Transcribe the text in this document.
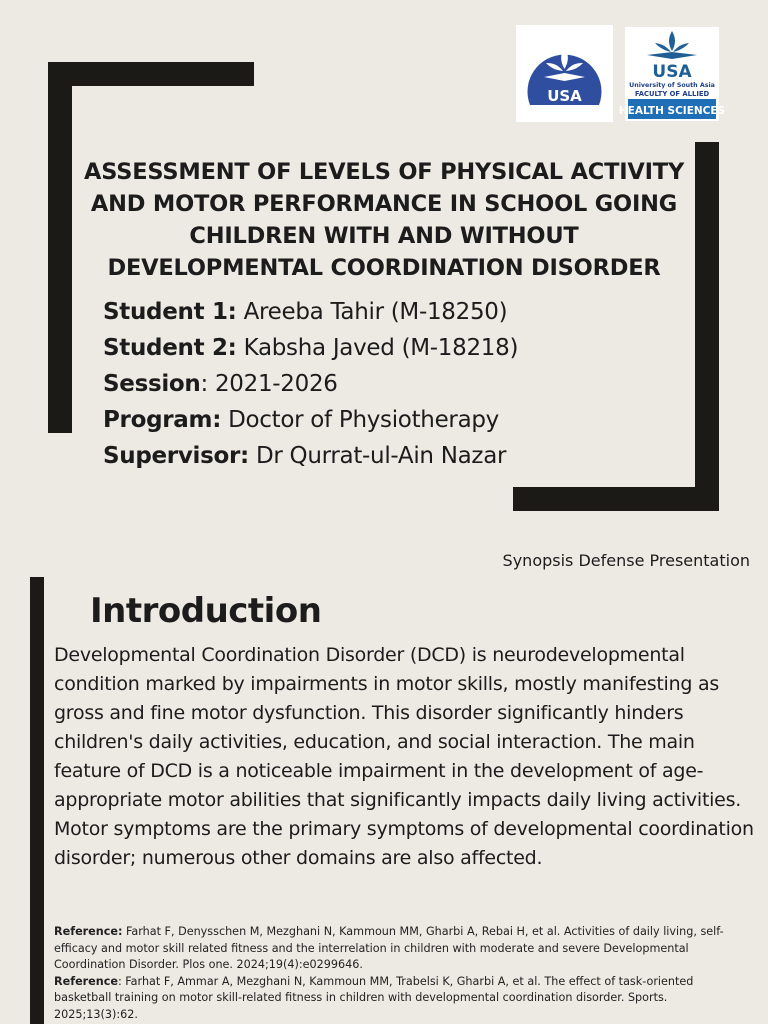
USA
USA
University of South Asia
FACULTY OF ALLIED
HEALTH SCIENCES
ASSESSMENT OF LEVELS OF PHYSICAL ACTIVITY
AND MOTOR PERFORMANCE IN SCHOOL GOING
CHILDREN WITH AND WITHOUT
DEVELOPMENTAL COORDINATION DISORDER
Student 1: Areeba Tahir (M-18250)
Student 2: Kabsha Javed (M-18218)
Session: 2021-2026
Program: Doctor of Physiotherapy
Supervisor: Dr Qurrat-ul-Ain Nazar
Synopsis Defense Presentation
Introduction

Developmental Coordination Disorder (DCD) is neurodevelopmental condition marked by impairments in motor skills, mostly manifesting as gross and fine motor dysfunction. This disorder significantly hinders children's daily activities, education, and social interaction. The main feature of DCD is a noticeable impairment in the development of age-appropriate motor abilities that significantly impacts daily living activities.

Motor symptoms are the primary symptoms of developmental coordination disorder; numerous other domains are also affected.

Reference: Farhat F, Denysschen M, Mezghani N, Kammoun MM, Gharbi A, Rebai H, et al. Activities of daily living, self-efficacy and motor skill related fitness and the interrelation in children with moderate and severe Developmental Coordination Disorder. Plos one. 2024;19(4):e0299646.

Reference: Farhat F, Ammar A, Mezghani N, Kammoun MM, Trabelsi K, Gharbi A, et al. The effect of task-oriented basketball training on motor skill-related fitness in children with developmental coordination disorder. Sports. 2025;13(3):62.
